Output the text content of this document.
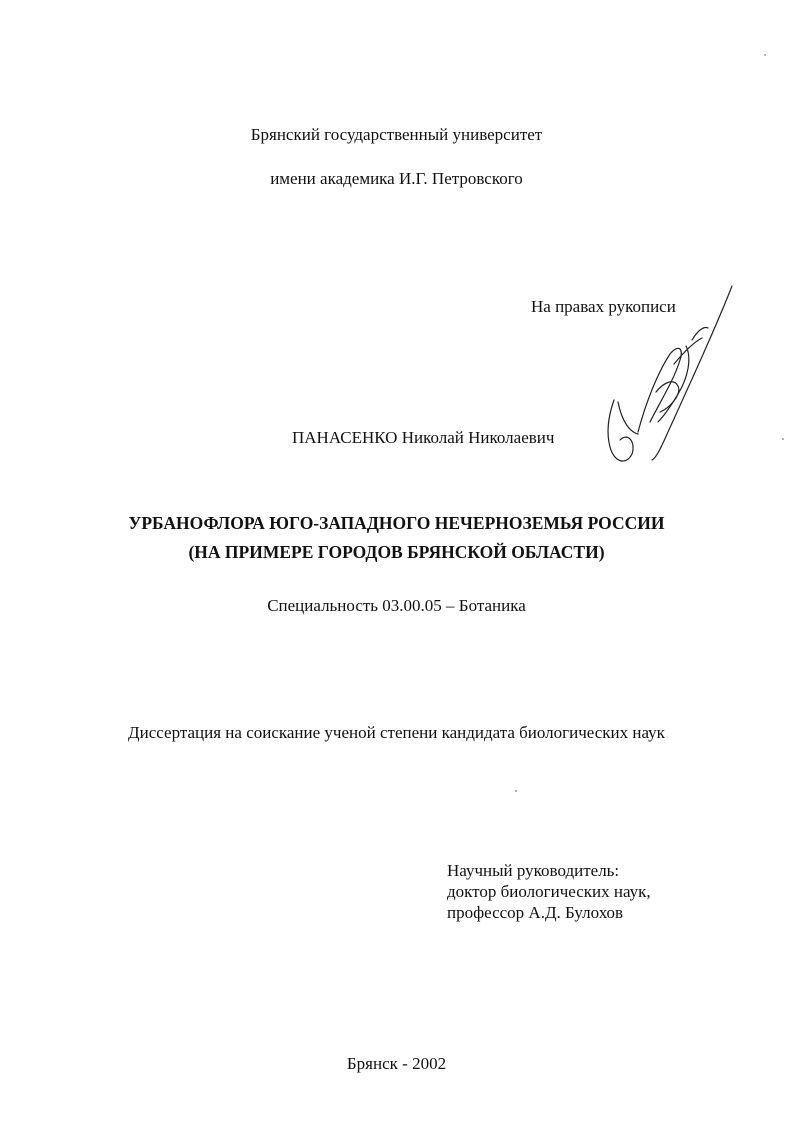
Брянский государственный университет
имени академика И.Г. Петровского
На правах рукописи
ПАНАСЕНКО Николай Николаевич
УРБАНОФЛОРА ЮГО-ЗАПАДНОГО НЕЧЕРНОЗЕМЬЯ РОССИИ
(НА ПРИМЕРЕ ГОРОДОВ БРЯНСКОЙ ОБЛАСТИ)
Специальность 03.00.05 – Ботаника
Диссертация на соискание ученой степени кандидата биологических наук
Научный руководитель:
доктор биологических наук,
профессор А.Д. Булохов
Брянск - 2002
